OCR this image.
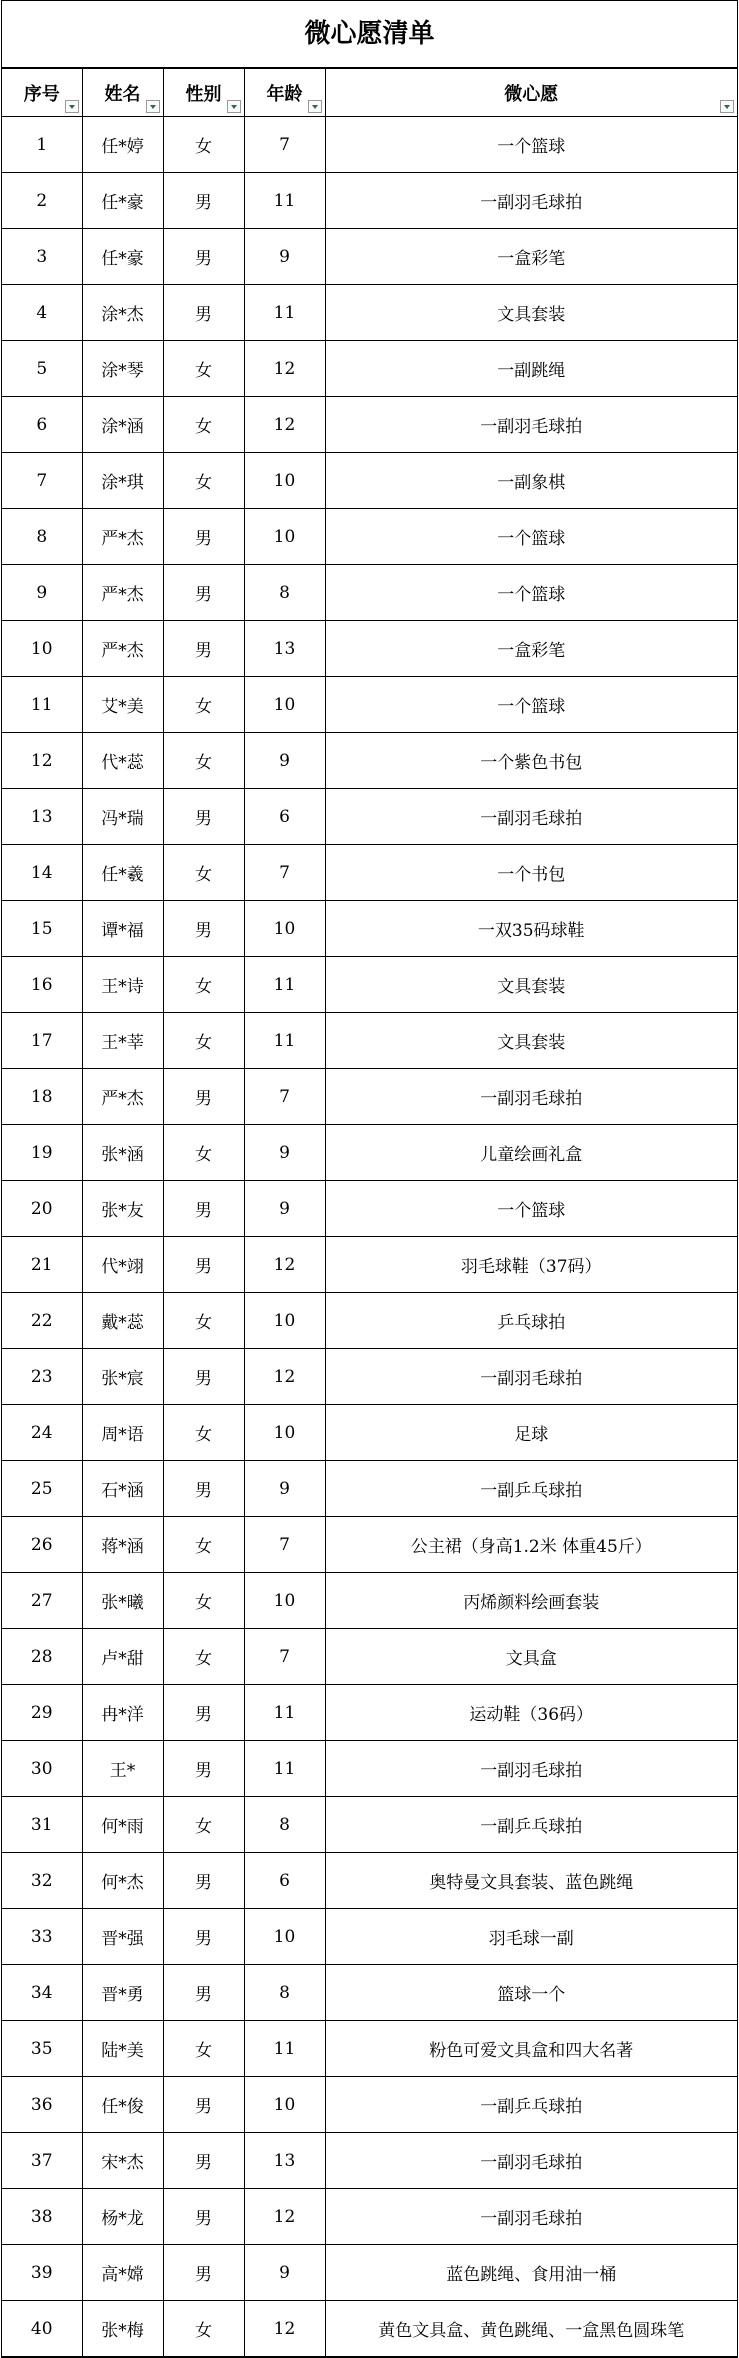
微心愿清单
序号	姓名	性别	年龄	微心愿

1	任*婷	女	7	一个篮球
2	任*豪	男	11	一副羽毛球拍
3	任*豪	男	9	一盒彩笔
4	涂*杰	男	11	文具套装
5	涂*琴	女	12	一副跳绳
6	涂*涵	女	12	一副羽毛球拍
7	涂*琪	女	10	一副象棋
8	严*杰	男	10	一个篮球
9	严*杰	男	8	一个篮球
10	严*杰	男	13	一盒彩笔
11	艾*美	女	10	一个篮球
12	代*蕊	女	9	一个紫色书包
13	冯*瑞	男	6	一副羽毛球拍
14	任*羲	女	7	一个书包
15	谭*福	男	10	一双35码球鞋
16	王*诗	女	11	文具套装
17	王*莘	女	11	文具套装
18	严*杰	男	7	一副羽毛球拍
19	张*涵	女	9	儿童绘画礼盒
20	张*友	男	9	一个篮球
21	代*翊	男	12	羽毛球鞋（37码）
22	戴*蕊	女	10	乒乓球拍
23	张*宸	男	12	一副羽毛球拍
24	周*语	女	10	足球
25	石*涵	男	9	一副乒乓球拍
26	蒋*涵	女	7	公主裙（身高1.2米 体重45斤）
27	张*曦	女	10	丙烯颜料绘画套装
28	卢*甜	女	7	文具盒
29	冉*洋	男	11	运动鞋（36码）
30	王*	男	11	一副羽毛球拍
31	何*雨	女	8	一副乒乓球拍
32	何*杰	男	6	奥特曼文具套装、蓝色跳绳
33	晋*强	男	10	羽毛球一副
34	晋*勇	男	8	篮球一个
35	陆*美	女	11	粉色可爱文具盒和四大名著
36	任*俊	男	10	一副乒乓球拍
37	宋*杰	男	13	一副羽毛球拍
38	杨*龙	男	12	一副羽毛球拍
39	高*嫦	男	9	蓝色跳绳、食用油一桶
40	张*梅	女	12	黄色文具盒、黄色跳绳、一盒黑色圆珠笔
